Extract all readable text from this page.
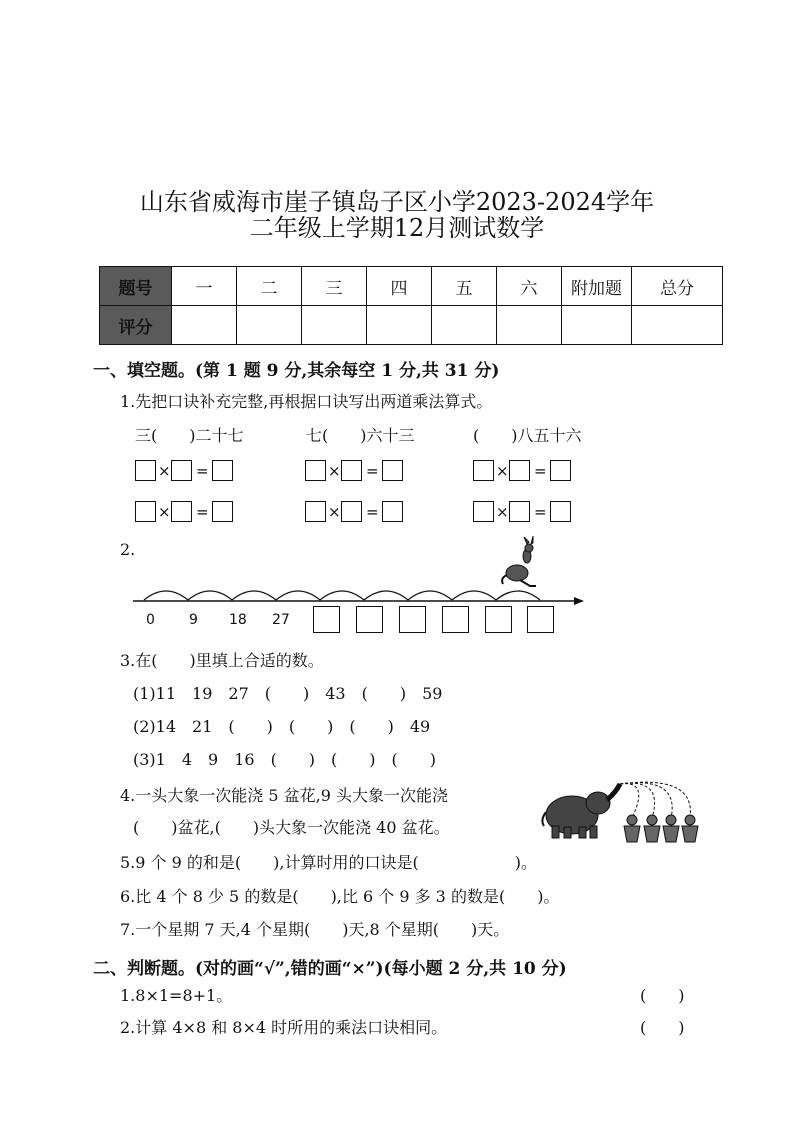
山东省威海市崖子镇岛子区小学2023-2024学年
二年级上学期12月测试数学
题号	一	二	三	四	五	六	附加题	总分
评分								
一、填空题。(第 1 题 9 分,其余每空 1 分,共 31 分)
1.先把口诀补充完整,再根据口诀写出两道乘法算式。
三(　　)二十七	七(　　)六十三	(　　)八五十六
× =	× =	× =
× =	× =	× =
2.
0 9 18 27
3.在(　　)里填上合适的数。
(1)11　19　27　(　　)　43　(　　)　59
(2)14　21　(　　)　(　　)　(　　)　49
(3)1　4　9　16　(　　)　(　　)　(　　)
4.一头大象一次能浇 5 盆花,9 头大象一次能浇
(　　)盆花,(　　)头大象一次能浇 40 盆花。
5.9 个 9 的和是(　　),计算时用的口诀是(　　　　　　)。
6.比 4 个 8 少 5 的数是(　　),比 6 个 9 多 3 的数是(　　)。
7.一个星期 7 天,4 个星期(　　)天,8 个星期(　　)天。
二、判断题。(对的画“√”,错的画“×”)(每小题 2 分,共 10 分)
1.8×1=8+1。	(　　)
2.计算 4×8 和 8×4 时所用的乘法口诀相同。	(　　)
